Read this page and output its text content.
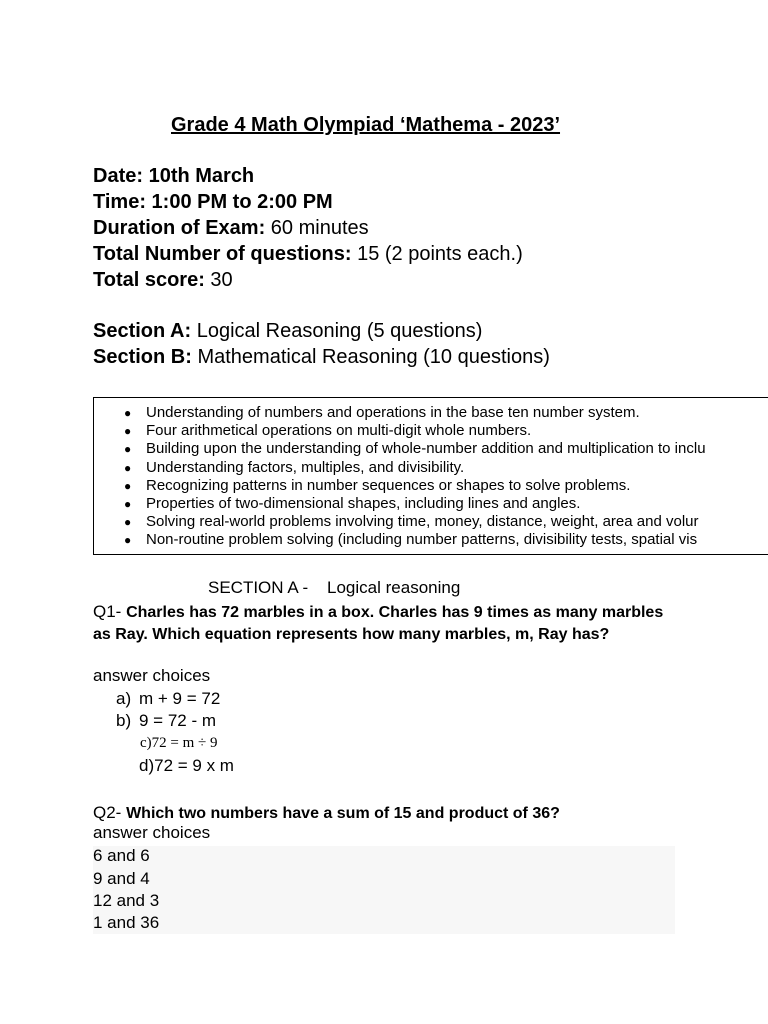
Grade 4 Math Olympiad ‘Mathema - 2023’
Date: 10th March
Time: 1:00 PM to 2:00 PM
Duration of Exam: 60 minutes
Total Number of questions: 15 (2 points each.)
Total score: 30
Section A: Logical Reasoning (5 questions)
Section B: Mathematical Reasoning (10 questions)
● Understanding of numbers and operations in the base ten number system.
● Four arithmetical operations on multi-digit whole numbers.
● Building upon the understanding of whole-number addition and multiplication to inclu
● Understanding factors, multiples, and divisibility.
● Recognizing patterns in number sequences or shapes to solve problems.
● Properties of two-dimensional shapes, including lines and angles.
● Solving real-world problems involving time, money, distance, weight, area and volur
● Non-routine problem solving (including number patterns, divisibility tests, spatial vis
SECTION A -    Logical reasoning
Q1- Charles has 72 marbles in a box. Charles has 9 times as many marbles as Ray. Which equation represents how many marbles, m, Ray has?
answer choices
a) m + 9 = 72
b) 9 = 72 - m
c)72 = m ÷ 9
d)72 = 9 x m
Q2- Which two numbers have a sum of 15 and product of 36?
answer choices
6 and 6
9 and 4
12 and 3
1 and 36
